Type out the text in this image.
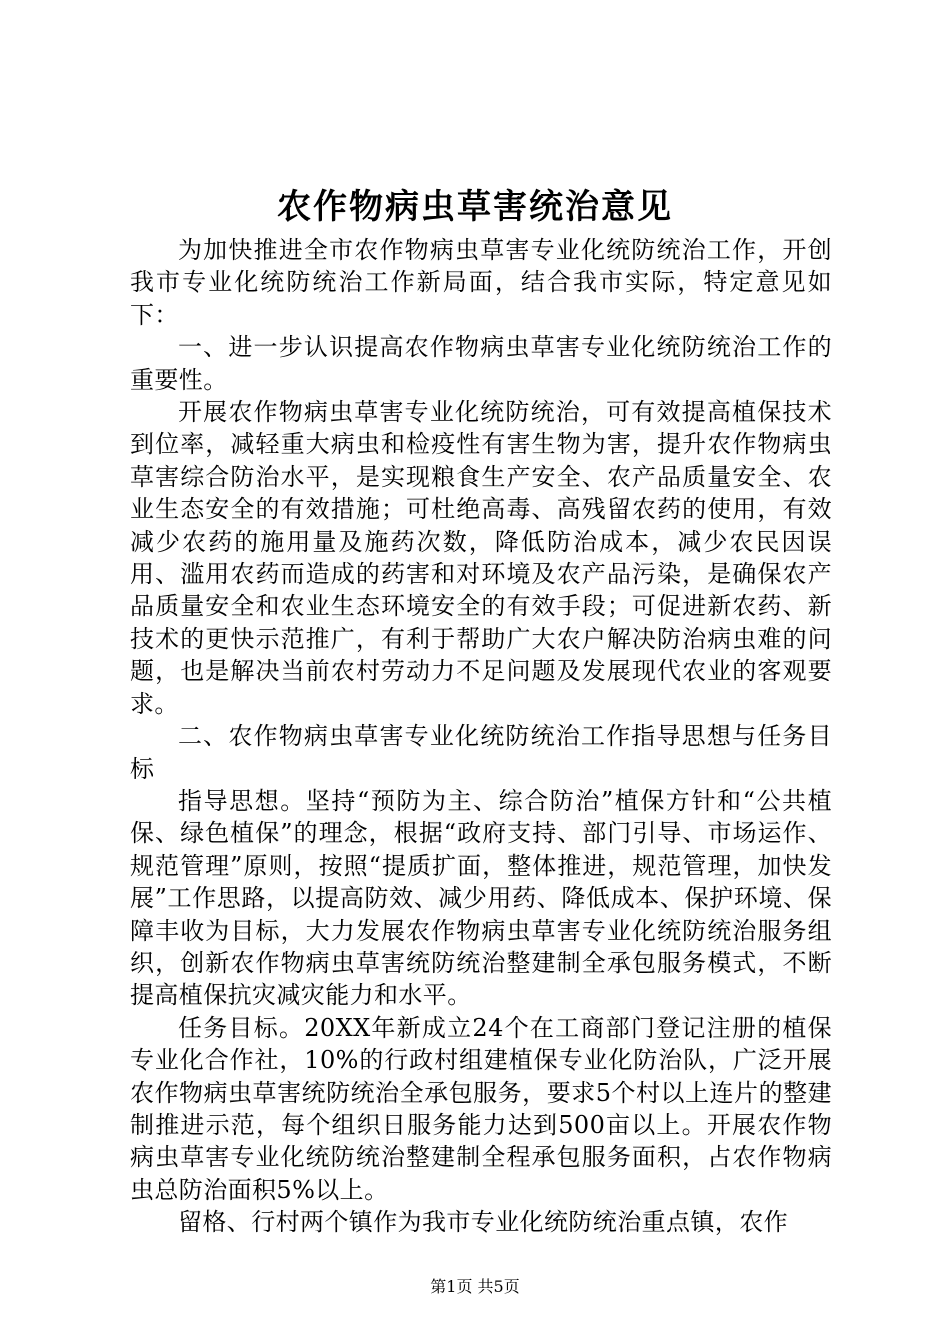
农作物病虫草害统治意见

为加快推进全市农作物病虫草害专业化统防统治工作，开创我市专业化统防统治工作新局面，结合我市实际，特定意见如下：

一、进一步认识提高农作物病虫草害专业化统防统治工作的重要性。

开展农作物病虫草害专业化统防统治，可有效提高植保技术到位率，减轻重大病虫和检疫性有害生物为害，提升农作物病虫草害综合防治水平，是实现粮食生产安全、农产品质量安全、农业生态安全的有效措施；可杜绝高毒、高残留农药的使用，有效减少农药的施用量及施药次数，降低防治成本，减少农民因误用、滥用农药而造成的药害和对环境及农产品污染，是确保农产品质量安全和农业生态环境安全的有效手段；可促进新农药、新技术的更快示范推广，有利于帮助广大农户解决防治病虫难的问题，也是解决当前农村劳动力不足问题及发展现代农业的客观要求。

二、农作物病虫草害专业化统防统治工作指导思想与任务目标

指导思想。坚持“预防为主、综合防治”植保方针和“公共植保、绿色植保”的理念，根据“政府支持、部门引导、市场运作、规范管理”原则，按照“提质扩面，整体推进，规范管理，加快发展”工作思路，以提高防效、减少用药、降低成本、保护环境、保障丰收为目标，大力发展农作物病虫草害专业化统防统治服务组织，创新农作物病虫草害统防统治整建制全承包服务模式，不断提高植保抗灾减灾能力和水平。

任务目标。20XX年新成立24个在工商部门登记注册的植保专业化合作社，10%的行政村组建植保专业化防治队，广泛开展农作物病虫草害统防统治全承包服务，要求5个村以上连片的整建制推进示范，每个组织日服务能力达到500亩以上。开展农作物病虫草害专业化统防统治整建制全程承包服务面积，占农作物病虫总防治面积5%以上。

留格、行村两个镇作为我市专业化统防统治重点镇，农作

第1页 共5页
